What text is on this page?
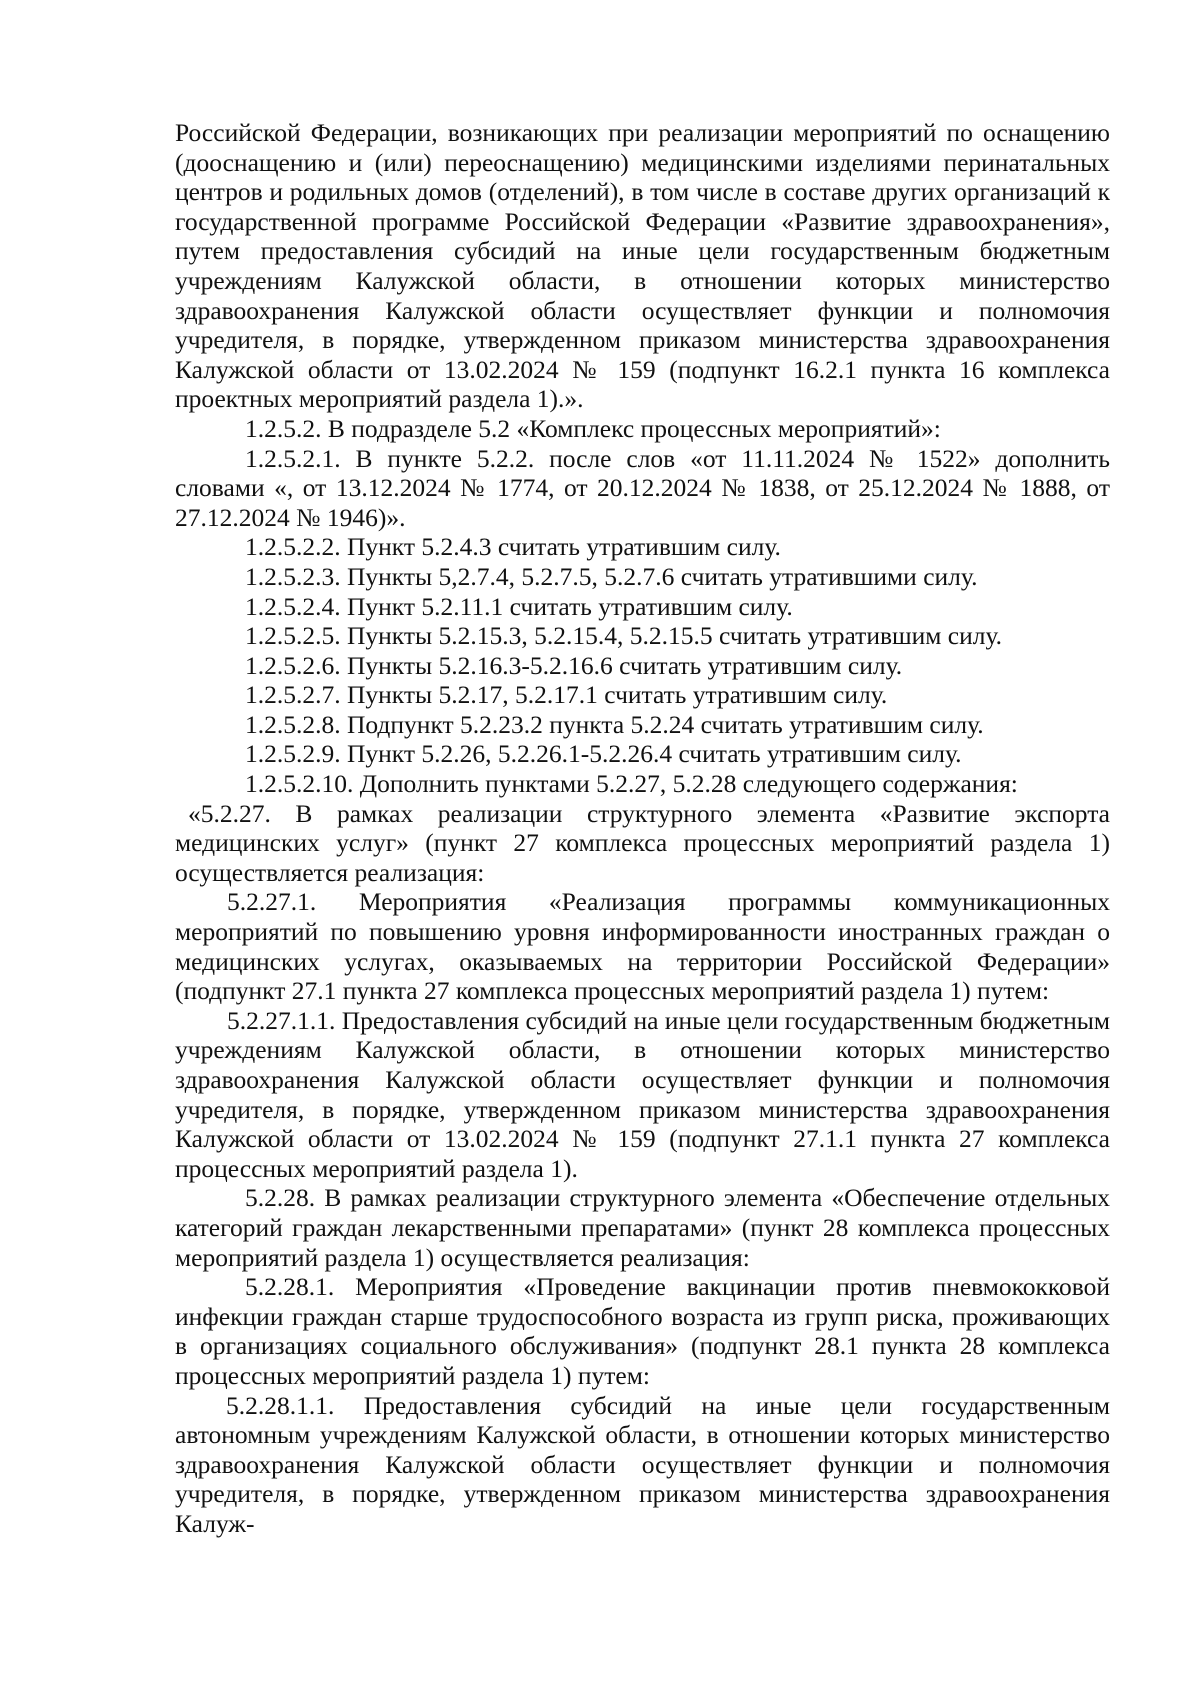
Российской Федерации, возникающих при реализации мероприятий по оснащению (дооснащению и (или) переоснащению) медицинскими изделиями перинатальных центров и родильных домов (отделений), в том числе в составе других организаций к государственной программе Российской Федерации «Развитие здравоохранения», путем предоставления субсидий на иные цели государственным бюджетным учреждениям Калужской области, в отношении которых министерство здравоохранения Калужской области осуществляет функции и полномочия учредителя, в порядке, утвержденном приказом министерства здравоохранения Калужской области от 13.02.2024 № 159 (подпункт 16.2.1 пункта 16 комплекса проектных мероприятий раздела 1).».

1.2.5.2. В подразделе 5.2 «Комплекс процессных мероприятий»:

1.2.5.2.1. В пункте 5.2.2. после слов «от 11.11.2024 № 1522» дополнить словами «, от 13.12.2024 № 1774, от 20.12.2024 № 1838, от 25.12.2024 № 1888, от 27.12.2024 № 1946)».

1.2.5.2.2. Пункт 5.2.4.3 считать утратившим силу.

1.2.5.2.3. Пункты 5,2.7.4, 5.2.7.5, 5.2.7.6 считать утратившими силу.

1.2.5.2.4. Пункт 5.2.11.1 считать утратившим силу.

1.2.5.2.5. Пункты 5.2.15.3, 5.2.15.4, 5.2.15.5 считать утратившим силу.

1.2.5.2.6. Пункты 5.2.16.3-5.2.16.6 считать утратившим силу.

1.2.5.2.7. Пункты 5.2.17, 5.2.17.1 считать утратившим силу.

1.2.5.2.8. Подпункт 5.2.23.2 пункта 5.2.24 считать утратившим силу.

1.2.5.2.9. Пункт 5.2.26, 5.2.26.1-5.2.26.4 считать утратившим силу.

1.2.5.2.10. Дополнить пунктами 5.2.27, 5.2.28 следующего содержания:

«5.2.27. В рамках реализации структурного элемента «Развитие экспорта медицинских услуг» (пункт 27 комплекса процессных мероприятий раздела 1) осуществляется реализация:

5.2.27.1. Мероприятия «Реализация программы коммуникационных мероприятий по повышению уровня информированности иностранных граждан о медицинских услугах, оказываемых на территории Российской Федерации» (подпункт 27.1 пункта 27 комплекса процессных мероприятий раздела 1) путем:

5.2.27.1.1. Предоставления субсидий на иные цели государственным бюджетным учреждениям Калужской области, в отношении которых министерство здравоохранения Калужской области осуществляет функции и полномочия учредителя, в порядке, утвержденном приказом министерства здравоохранения Калужской области от 13.02.2024 № 159 (подпункт 27.1.1 пункта 27 комплекса процессных мероприятий раздела 1).

5.2.28. В рамках реализации структурного элемента «Обеспечение отдельных категорий граждан лекарственными препаратами» (пункт 28 комплекса процессных мероприятий раздела 1) осуществляется реализация:

5.2.28.1. Мероприятия «Проведение вакцинации против пневмококковой инфекции граждан старше трудоспособного возраста из групп риска, проживающих в организациях социального обслуживания» (подпункт 28.1 пункта 28 комплекса процессных мероприятий раздела 1) путем:

5.2.28.1.1. Предоставления субсидий на иные цели государственным автономным учреждениям Калужской области, в отношении которых министерство здравоохранения Калужской области осуществляет функции и полномочия учредителя, в порядке, утвержденном приказом министерства здравоохранения Калуж-
